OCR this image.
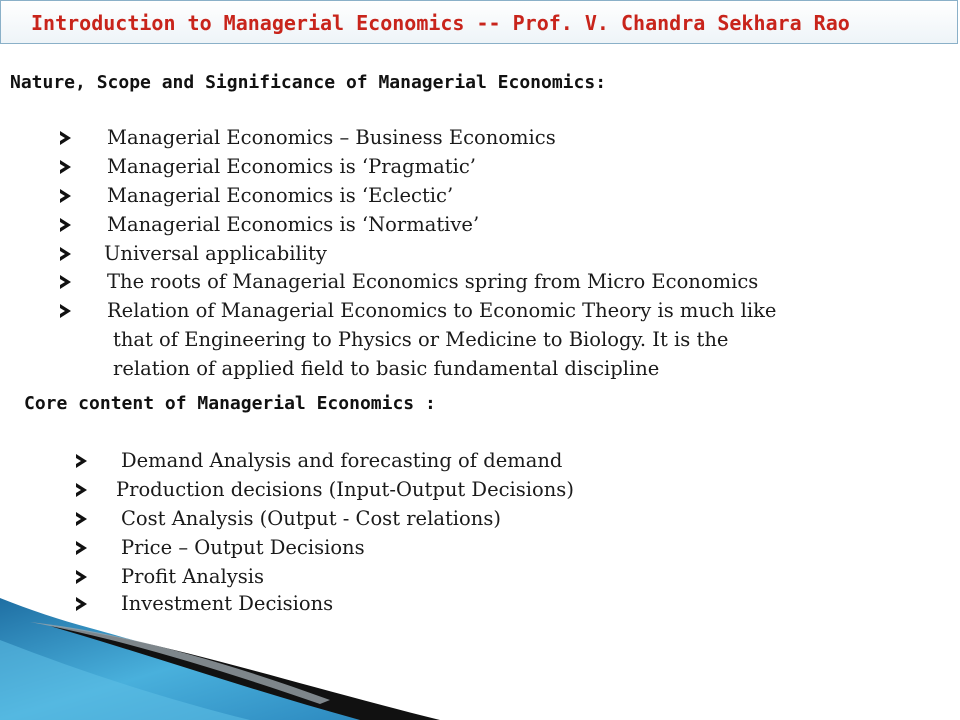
Introduction to Managerial Economics -- Prof. V. Chandra Sekhara Rao
Nature, Scope and Significance of Managerial Economics:
Managerial Economics – Business Economics
Managerial Economics is ‘Pragmatic’
Managerial Economics is ‘Eclectic’
Managerial Economics is ‘Normative’
Universal applicability
The roots of Managerial Economics spring from Micro Economics
Relation of Managerial Economics to Economic Theory is much like
that of Engineering to Physics or Medicine to Biology. It is the
relation of applied field to basic fundamental discipline
Core content of Managerial Economics :
Demand Analysis and forecasting of demand
Production decisions (Input-Output Decisions)
Cost Analysis (Output - Cost relations)
Price – Output Decisions
Profit Analysis
Investment Decisions
